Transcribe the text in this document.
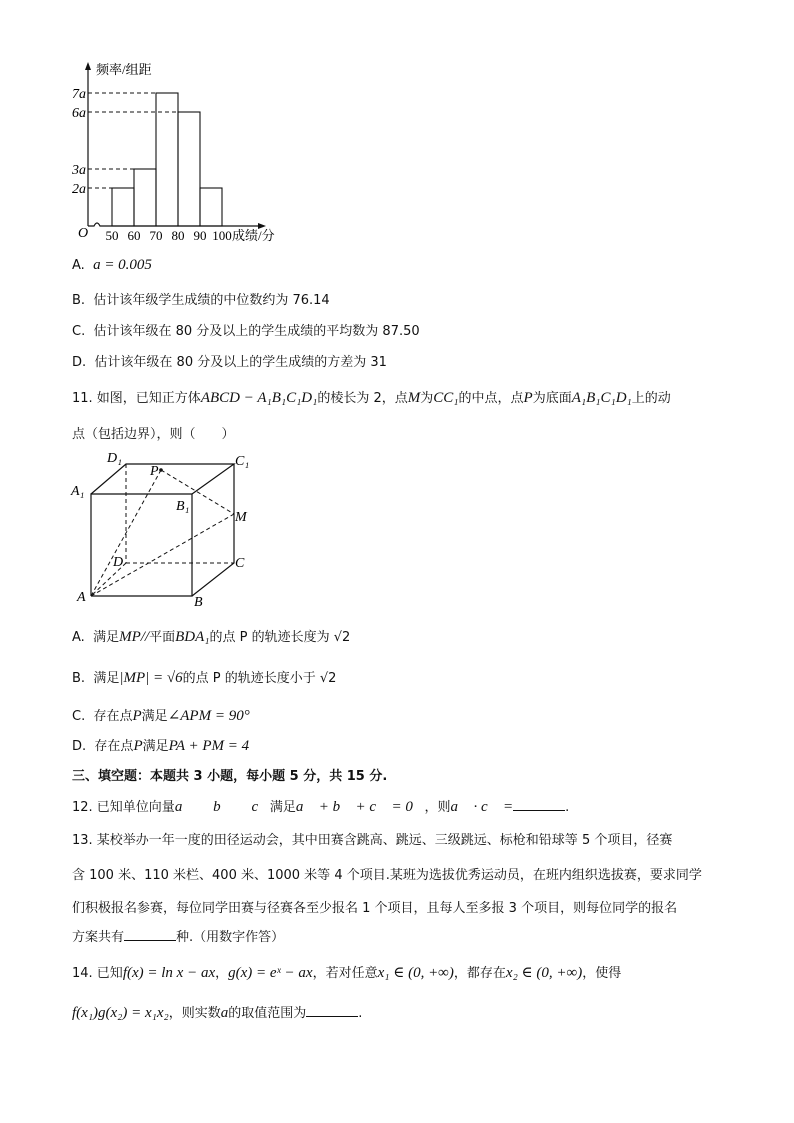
频率/组距
O
7a
6a
3a
2a
50 60 70 80 90 100 成绩/分
A. a = 0.005
B. 估计该年级学生成绩的中位数约为 76.14
C. 估计该年级在 80 分及以上的学生成绩的平均数为 87.50
D. 估计该年级在 80 分及以上的学生成绩的方差为 31
11. 如图，已知正方体ABCD − A₁B₁C₁D₁的棱长为 2，点M为CC₁的中点，点P为底面A₁B₁C₁D₁上的动
点（包括边界），则（　　）
D₁
P
C₁
A₁
B₁
M
D	C
A	B
A. 满足MP//平面BDA₁的点 P 的轨迹长度为 √2
B. 满足|MP| = √6的点 P 的轨迹长度小于 √2
C. 存在点P满足∠APM = 90°
D. 存在点P满足PA + PM = 4
三、填空题：本题共 3 小题，每小题 5 分，共 15 分.
12. 已知单位向量a⃗ ， b⃗ ， c⃗满足a⃗ + b⃗ + c⃗ = 0⃗，则a⃗ · c⃗ =	.
13. 某校举办一年一度的田径运动会，其中田赛含跳高、跳远、三级跳远、标枪和铅球等 5 个项目，径赛
含 100 米、110 米栏、400 米、1000 米等 4 个项目.某班为选拔优秀运动员，在班内组织选拔赛，要求同学
们积极报名参赛，每位同学田赛与径赛各至少报名 1 个项目，且每人至多报 3 个项目，则每位同学的报名
方案共有	种.（用数字作答）
14. 已知f(x) = ln x − ax，g(x) = eˣ − ax，若对任意x₁ ∈ (0, +∞)，都存在x₂ ∈ (0, +∞)，使得
f(x₁)g(x₂) = x₁x₂，则实数a的取值范围为	.
